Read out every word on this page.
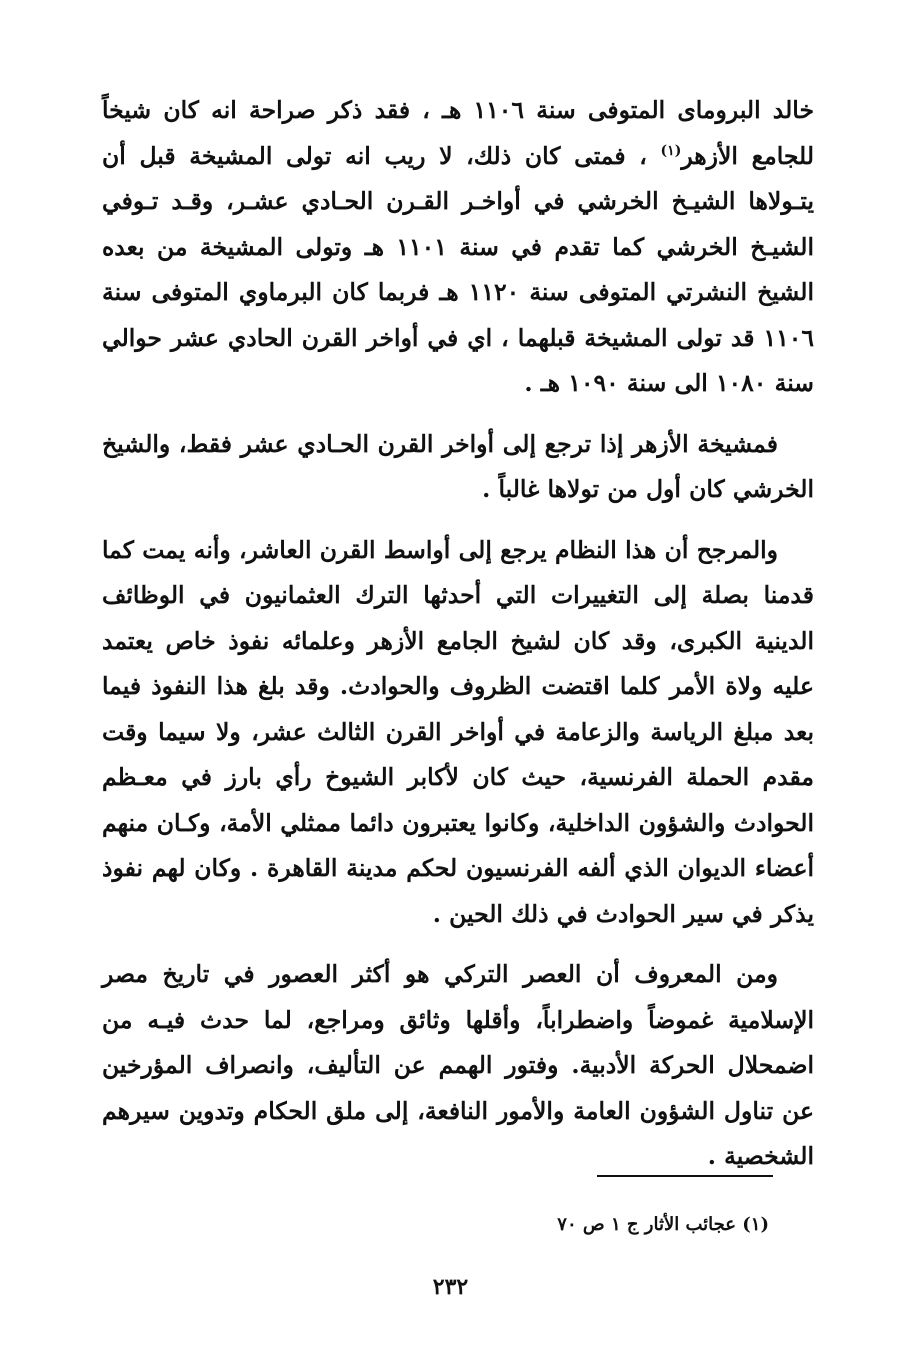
خالد البرومای المتوفى سنة ١١٠٦ هـ ، فقد ذكر صراحة انه كان شيخاً للجامع الأزهر$^{(١)}$ ، فمتى كان ذلك، لا ريب انه تولى المشيخة قبل أن يتـولاها الشيـخ الخرشي في أواخـر القـرن الحـادي عشـر، وقـد تـوفي الشيـخ الخرشي كما تقدم في سنة ١١٠١ هـ وتولى المشيخة من بعده الشيخ النشرتي المتوفى سنة ١١٢٠ هـ فربما كان البرماوي المتوفى سنة ١١٠٦ قد تولى المشيخة قبلهما ، اي في أواخر القرن الحادي عشر حوالي سنة ١٠٨٠ الى سنة ١٠٩٠ هـ .

فمشيخة الأزهر إذا ترجع إلى أواخر القرن الحـادي عشر فقط، والشيخ الخرشي كان أول من تولاها غالباً .

والمرجح أن هذا النظام يرجع إلى أواسط القرن العاشر، وأنه يمت كما قدمنا بصلة إلى التغييرات التي أحدثها الترك العثمانيون في الوظائف الدينية الكبرى، وقد كان لشيخ الجامع الأزهر وعلمائه نفوذ خاص يعتمد عليه ولاة الأمر كلما اقتضت الظروف والحوادث. وقد بلغ هذا النفوذ فيما بعد مبلغ الرياسة والزعامة في أواخر القرن الثالث عشر، ولا سيما وقت مقدم الحملة الفرنسية، حيث كان لأكابر الشيوخ رأي بارز في معـظم الحوادث والشؤون الداخلية، وكانوا يعتبرون دائما ممثلي الأمة، وكـان منهم أعضاء الديوان الذي ألفه الفرنسيون لحكم مدينة القاهرة . وكان لهم نفوذ يذكر في سير الحوادث في ذلك الحين .

ومن المعروف أن العصر التركي هو أكثر العصور في تاريخ مصر الإسلامية غموضاً واضطراباً، وأقلها وثائق ومراجع، لما حدث فيـه من اضمحلال الحركة الأدبية. وفتور الهمم عن التأليف، وانصراف المؤرخين عن تناول الشؤون العامة والأمور النافعة، إلى ملق الحكام وتدوين سيرهم الشخصية .

(١) عجائب الأثار ج ١ ص ٧٠
٢٣٢
